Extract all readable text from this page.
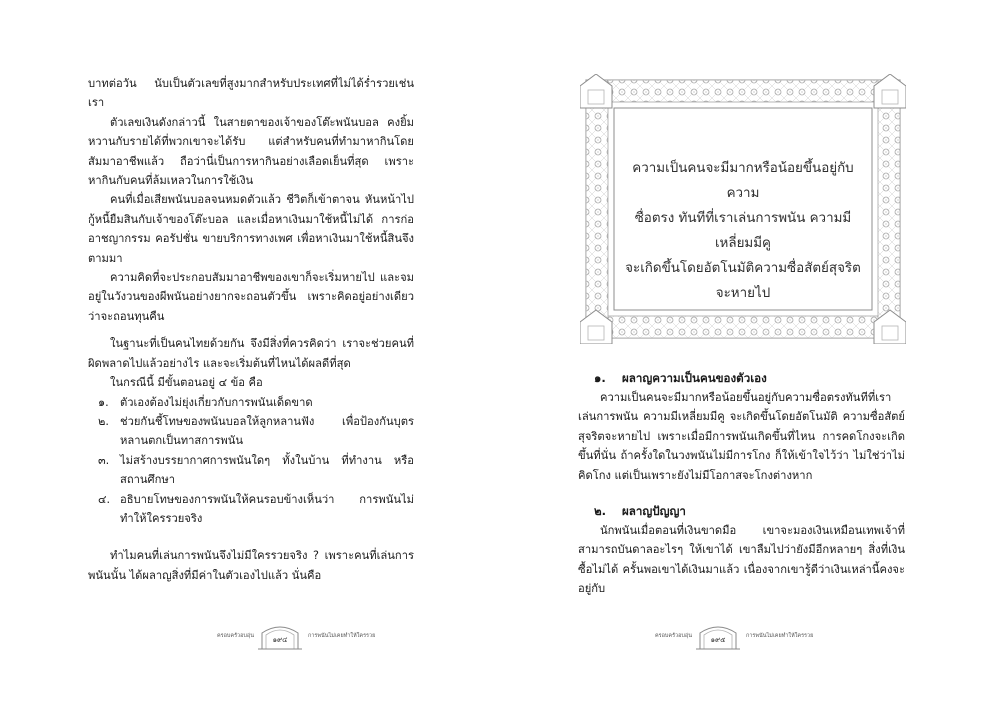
บาทต่อวัน นับเป็นตัวเลขที่สูงมากสำหรับประเทศที่ไม่ได้ร่ำรวยเช่นเรา

ตัวเลขเงินดังกล่าวนี้ ในสายตาของเจ้าของโต๊ะพนันบอล คงยิ้มหวานกับรายได้ที่พวกเขาจะได้รับ แต่สำหรับคนที่ทำมาหากินโดยสัมมาอาชีพแล้ว ถือว่านี่เป็นการหากินอย่างเลือดเย็นที่สุด เพราะหากินกับคนที่ล้มเหลวในการใช้เงิน

คนที่เมื่อเสียพนันบอลจนหมดตัวแล้ว ชีวิตก็เข้าตาจน หันหน้าไปกู้หนี้ยืมสินกับเจ้าของโต๊ะบอล และเมื่อหาเงินมาใช้หนี้ไม่ได้ การก่ออาชญากรรม คอรัปชั่น ขายบริการทางเพศ เพื่อหาเงินมาใช้หนี้สินจึงตามมา

ความคิดที่จะประกอบสัมมาอาชีพของเขาก็จะเริ่มหายไป และจมอยู่ในวังวนของผีพนันอย่างยากจะถอนตัวขึ้น เพราะคิดอยู่อย่างเดียวว่าจะถอนทุนคืน

ในฐานะที่เป็นคนไทยด้วยกัน จึงมีสิ่งที่ควรคิดว่า เราจะช่วยคนที่ผิดพลาดไปแล้วอย่างไร และจะเริ่มต้นที่ไหนได้ผลดีที่สุด

ในกรณีนี้ มีขั้นตอนอยู่ ๔ ข้อ คือ

๑.	ตัวเองต้องไม่ยุ่งเกี่ยวกับการพนันเด็ดขาด
๒. ช่วยกันชี้โทษของพนันบอลให้ลูกหลานฟัง เพื่อป้องกันบุตรหลานตกเป็นทาสการพนัน
๓. ไม่สร้างบรรยากาศการพนันใดๆ ทั้งในบ้าน ที่ทำงาน หรือสถานศึกษา
๔. อธิบายโทษของการพนันให้คนรอบข้างเห็นว่า การพนันไม่ทำให้ใครรวยจริง

ทำไมคนที่เล่นการพนันจึงไม่มีใครรวยจริง ? เพราะคนที่เล่นการพนันนั้น ได้ผลาญสิ่งที่มีค่าในตัวเองไปแล้ว นั่นคือ

ครอบครัวอบอุ่น	๑๙๔	การพนันไม่เคยทำให้ใครรวย
ความเป็นคนจะมีมากหรือน้อยขึ้นอยู่กับความ
ซื่อตรง ทันทีที่เราเล่นการพนัน ความมีเหลี่ยมมีคู
จะเกิดขึ้นโดยอัตโนมัติความซื่อสัตย์สุจริตจะหายไป

๑. ผลาญความเป็นคนของตัวเอง

ความเป็นคนจะมีมากหรือน้อยขึ้นอยู่กับความซื่อตรงทันทีที่เราเล่นการพนัน ความมีเหลี่ยมมีคู จะเกิดขึ้นโดยอัตโนมัติ ความซื่อสัตย์สุจริตจะหายไป เพราะเมื่อมีการพนันเกิดขึ้นที่ไหน การคดโกงจะเกิดขึ้นที่นั่น ถ้าครั้งใดในวงพนันไม่มีการโกง ก็ให้เข้าใจไว้ว่า ไม่ใช่ว่าไม่คิดโกง แต่เป็นเพราะยังไม่มีโอกาสจะโกงต่างหาก

๒. ผลาญปัญญา

นักพนันเมื่อตอนที่เงินขาดมือ เขาจะมองเงินเหมือนเทพเจ้าที่สามารถบันดาลอะไรๆ ให้เขาได้ เขาลืมไปว่ายังมีอีกหลายๆ สิ่งที่เงินซื้อไม่ได้ ครั้นพอเขาได้เงินมาแล้ว เนื่องจากเขารู้ดีว่าเงินเหล่านี้คงจะอยู่กับ

ครอบครัวอบอุ่น	๑๙๕	การพนันไม่เคยทำให้ใครรวย
